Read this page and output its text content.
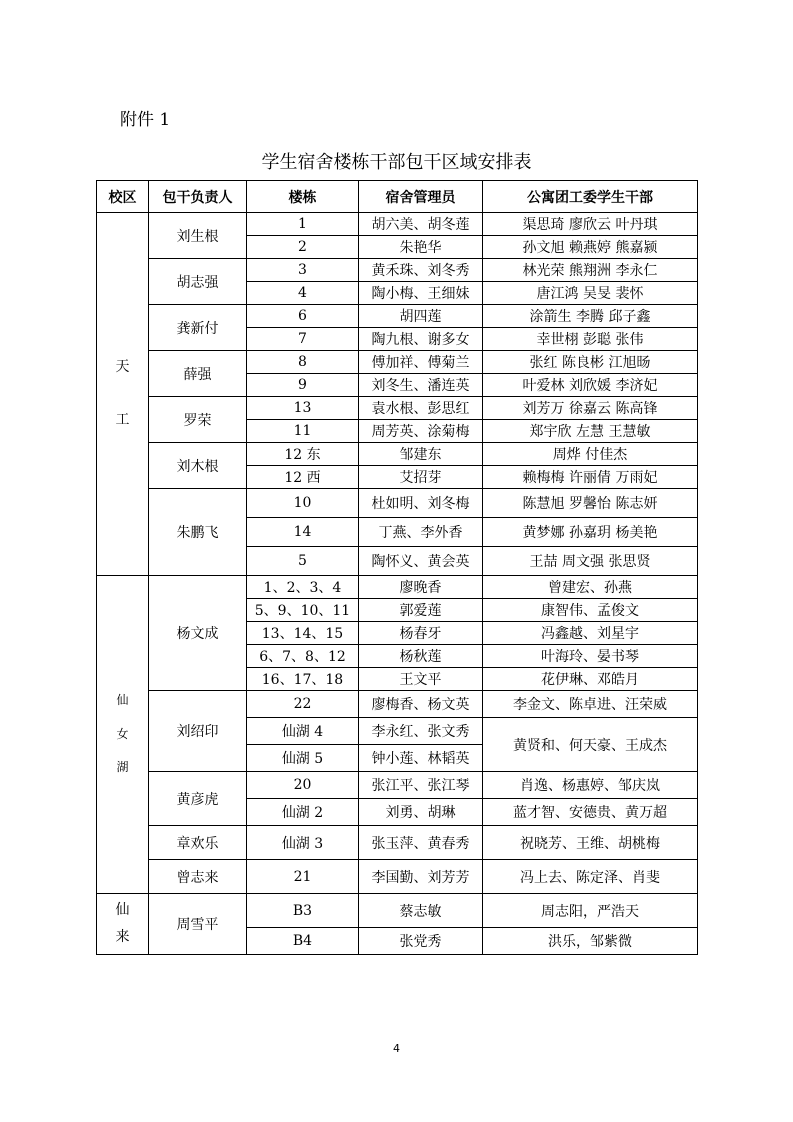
附件 1
学生宿舍楼栋干部包干区域安排表
校区	包干负责人	楼栋	宿舍管理员	公寓团工委学生干部
天

工	刘生根	1	胡六美、胡冬莲	渠思琦 廖欣云 叶丹琪
		2	朱艳华	孙文旭 赖燕婷 熊嘉颍
	胡志强	3	黄禾珠、刘冬秀	林光荣 熊翔洲 李永仁
		4	陶小梅、王细妹	唐江鸿 吴旻 裴怀
	龚新付	6	胡四莲	涂箭生 李腾 邱子鑫
		7	陶九根、谢多女	幸世栩 彭聪 张伟
	薛强	8	傅加祥、傅菊兰	张红 陈良彬 江旭旸
		9	刘冬生、潘连英	叶爱林 刘欣媛 李济妃
	罗荣	13	袁水根、彭思红	刘芳万 徐嘉云 陈高锋
		11	周芳英、涂菊梅	郑宇欣 左慧 王慧敏
	刘木根	12 东	邹建东	周烨 付佳杰
		12 西	艾招芽	赖梅梅 许丽倩 万雨妃
	朱鹏飞	10	杜如明、刘冬梅	陈慧旭 罗馨怡 陈志妍
		14	丁燕、李外香	黄梦娜 孙嘉玥 杨美艳
		5	陶怀义、黄会英	王喆 周文强 张思贤
仙
女
湖	杨文成	1、2、3、4	廖晚香	曾建宏、孙燕
		5、9、10、11	郭爱莲	康智伟、孟俊文
		13、14、15	杨春牙	冯鑫越、刘星宇
		6、7、8、12	杨秋莲	叶海玲、晏书琴
		16、17、18	王文平	花伊琳、邓皓月
	刘绍印	22	廖梅香、杨文英	李金文、陈卓进、汪荣威
		仙湖 4	李永红、张文秀	黄贤和、何天豪、王成杰
		仙湖 5	钟小莲、林韬英	
	黄彦虎	20	张江平、张江琴	肖逸、杨惠婷、邹庆岚
		仙湖 2	刘勇、胡琳	蓝才智、安德贵、黄万超
	章欢乐	仙湖 3	张玉萍、黄春秀	祝晓芳、王维、胡桃梅
	曾志来	21	李国勤、刘芳芳	冯上去、陈定泽、肖斐
仙
来	周雪平	B3	蔡志敏	周志阳，严浩天
		B4	张党秀	洪乐，邹紫微
4
